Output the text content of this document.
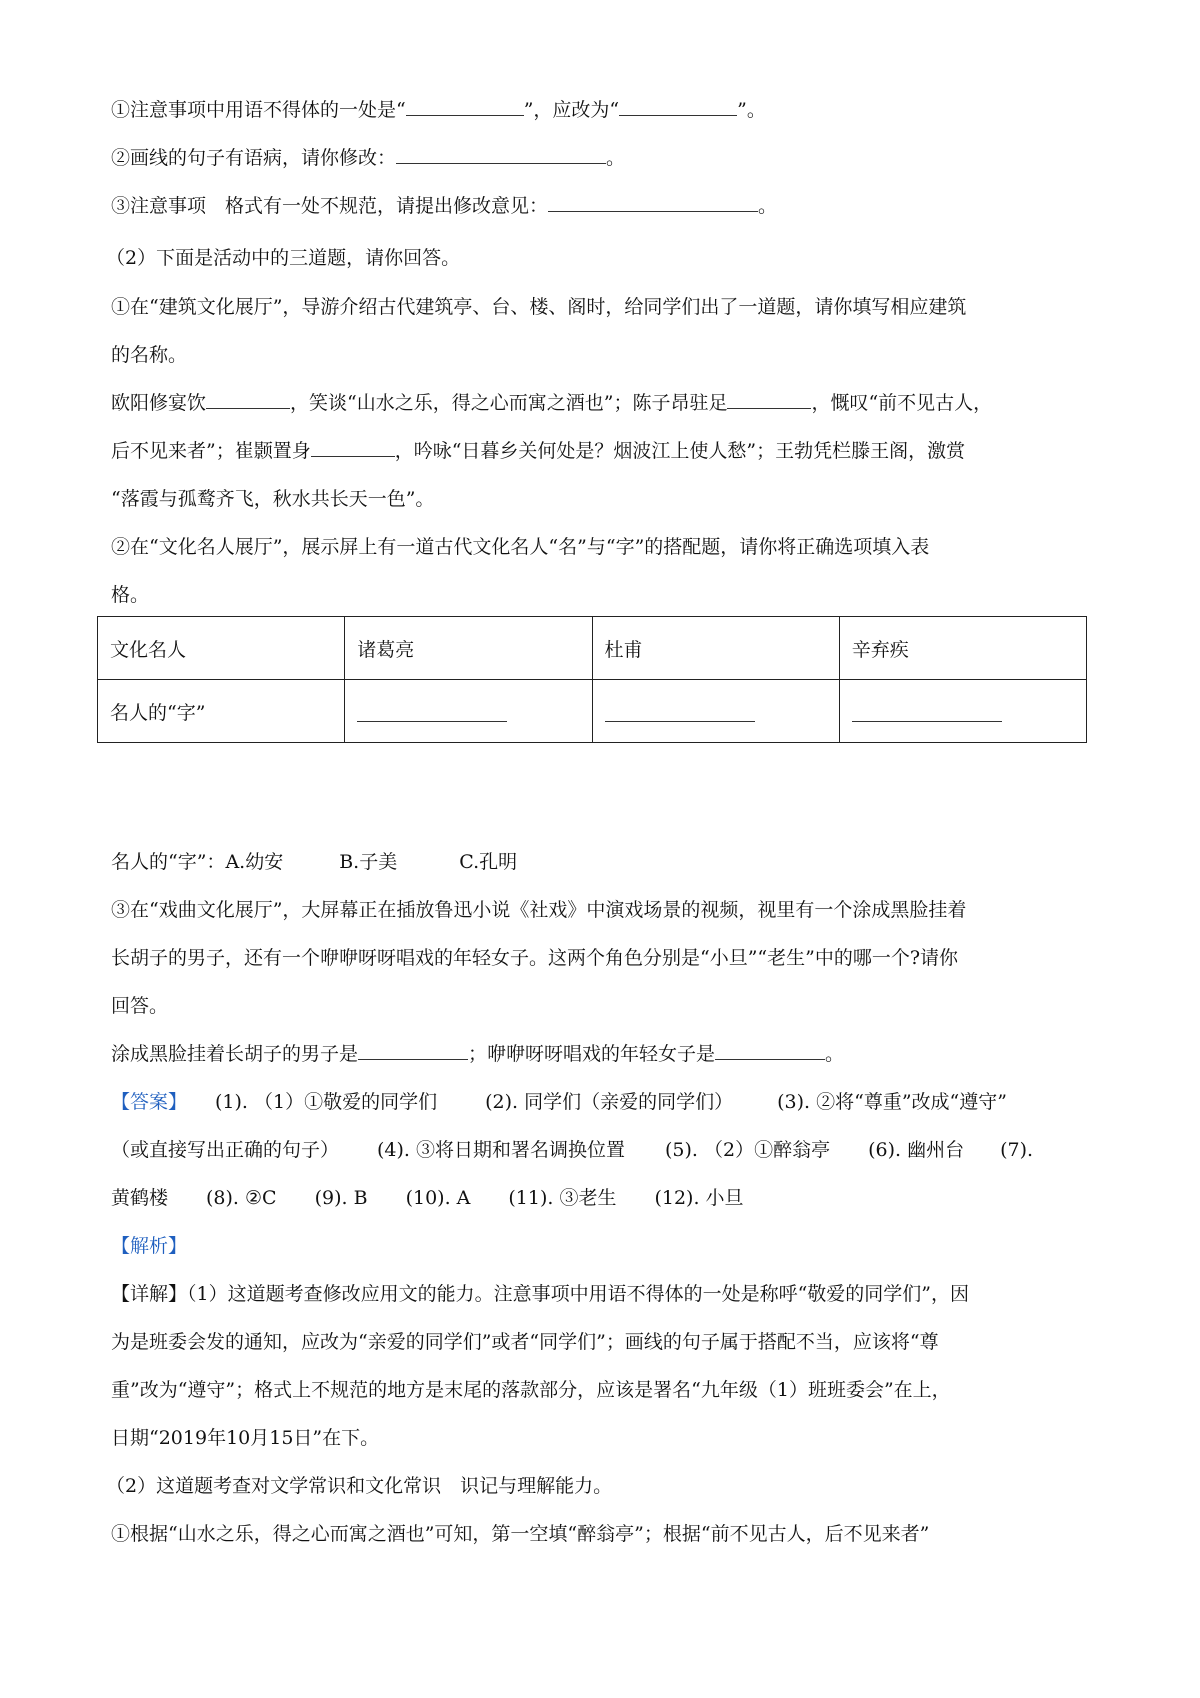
①注意事项中用语不得体的一处是“	”，应改为“	”。
②画线的句子有语病，请你修改：	。
③注意事项　格式有一处不规范，请提出修改意见：	。
（2）下面是活动中的三道题，请你回答。
①在“建筑文化展厅”，导游介绍古代建筑亭、台、楼、阁时，给同学们出了一道题，请你填写相应建筑
的名称。
欧阳修宴饮	，笑谈“山水之乐，得之心而寓之酒也”；陈子昂驻足	，慨叹“前不见古人，
后不见来者”；崔颢置身	，吟咏“日暮乡关何处是？烟波江上使人愁”；王勃凭栏滕王阁，激赏
“落霞与孤鹜齐飞，秋水共长天一色”。
②在“文化名人展厅”，展示屏上有一道古代文化名人“名”与“字”的搭配题，请你将正确选项填入表
格。
文化名人	诸葛亮	杜甫	辛弃疾
名人的“字”			
名人的“字”：A.幼安	B.子美	C.孔明
③在“戏曲文化展厅”，大屏幕正在插放鲁迅小说《社戏》中演戏场景的视频，视里有一个涂成黑脸挂着
长胡子的男子，还有一个咿咿呀呀唱戏的年轻女子。这两个角色分别是“小旦”“老生”中的哪一个?请你
回答。
涂成黑脸挂着长胡子的男子是	；咿咿呀呀唱戏的年轻女子是	。
【答案】 (1). （1）①敬爱的同学们	(2). 同学们（亲爱的同学们） (3). ②将“尊重”改成“遵守”
（或直接写出正确的句子） (4). ③将日期和署名调换位置 (5). （2）①醉翁亭 (6). 幽州台 (7).
黄鹤楼 (8). ②C (9). B (10). A (11). ③老生 (12). 小旦
【解析】
【详解】（1）这道题考查修改应用文的能力。注意事项中用语不得体的一处是称呼“敬爱的同学们”，因
为是班委会发的通知，应改为“亲爱的同学们”或者“同学们”；画线的句子属于搭配不当，应该将“尊
重”改为“遵守”；格式上不规范的地方是末尾的落款部分，应该是署名“九年级（1）班班委会”在上，
日期“2019年10月15日”在下。
（2）这道题考查对文学常识和文化常识　识记与理解能力。
①根据“山水之乐，得之心而寓之酒也”可知，第一空填“醉翁亭”；根据“前不见古人，后不见来者”
